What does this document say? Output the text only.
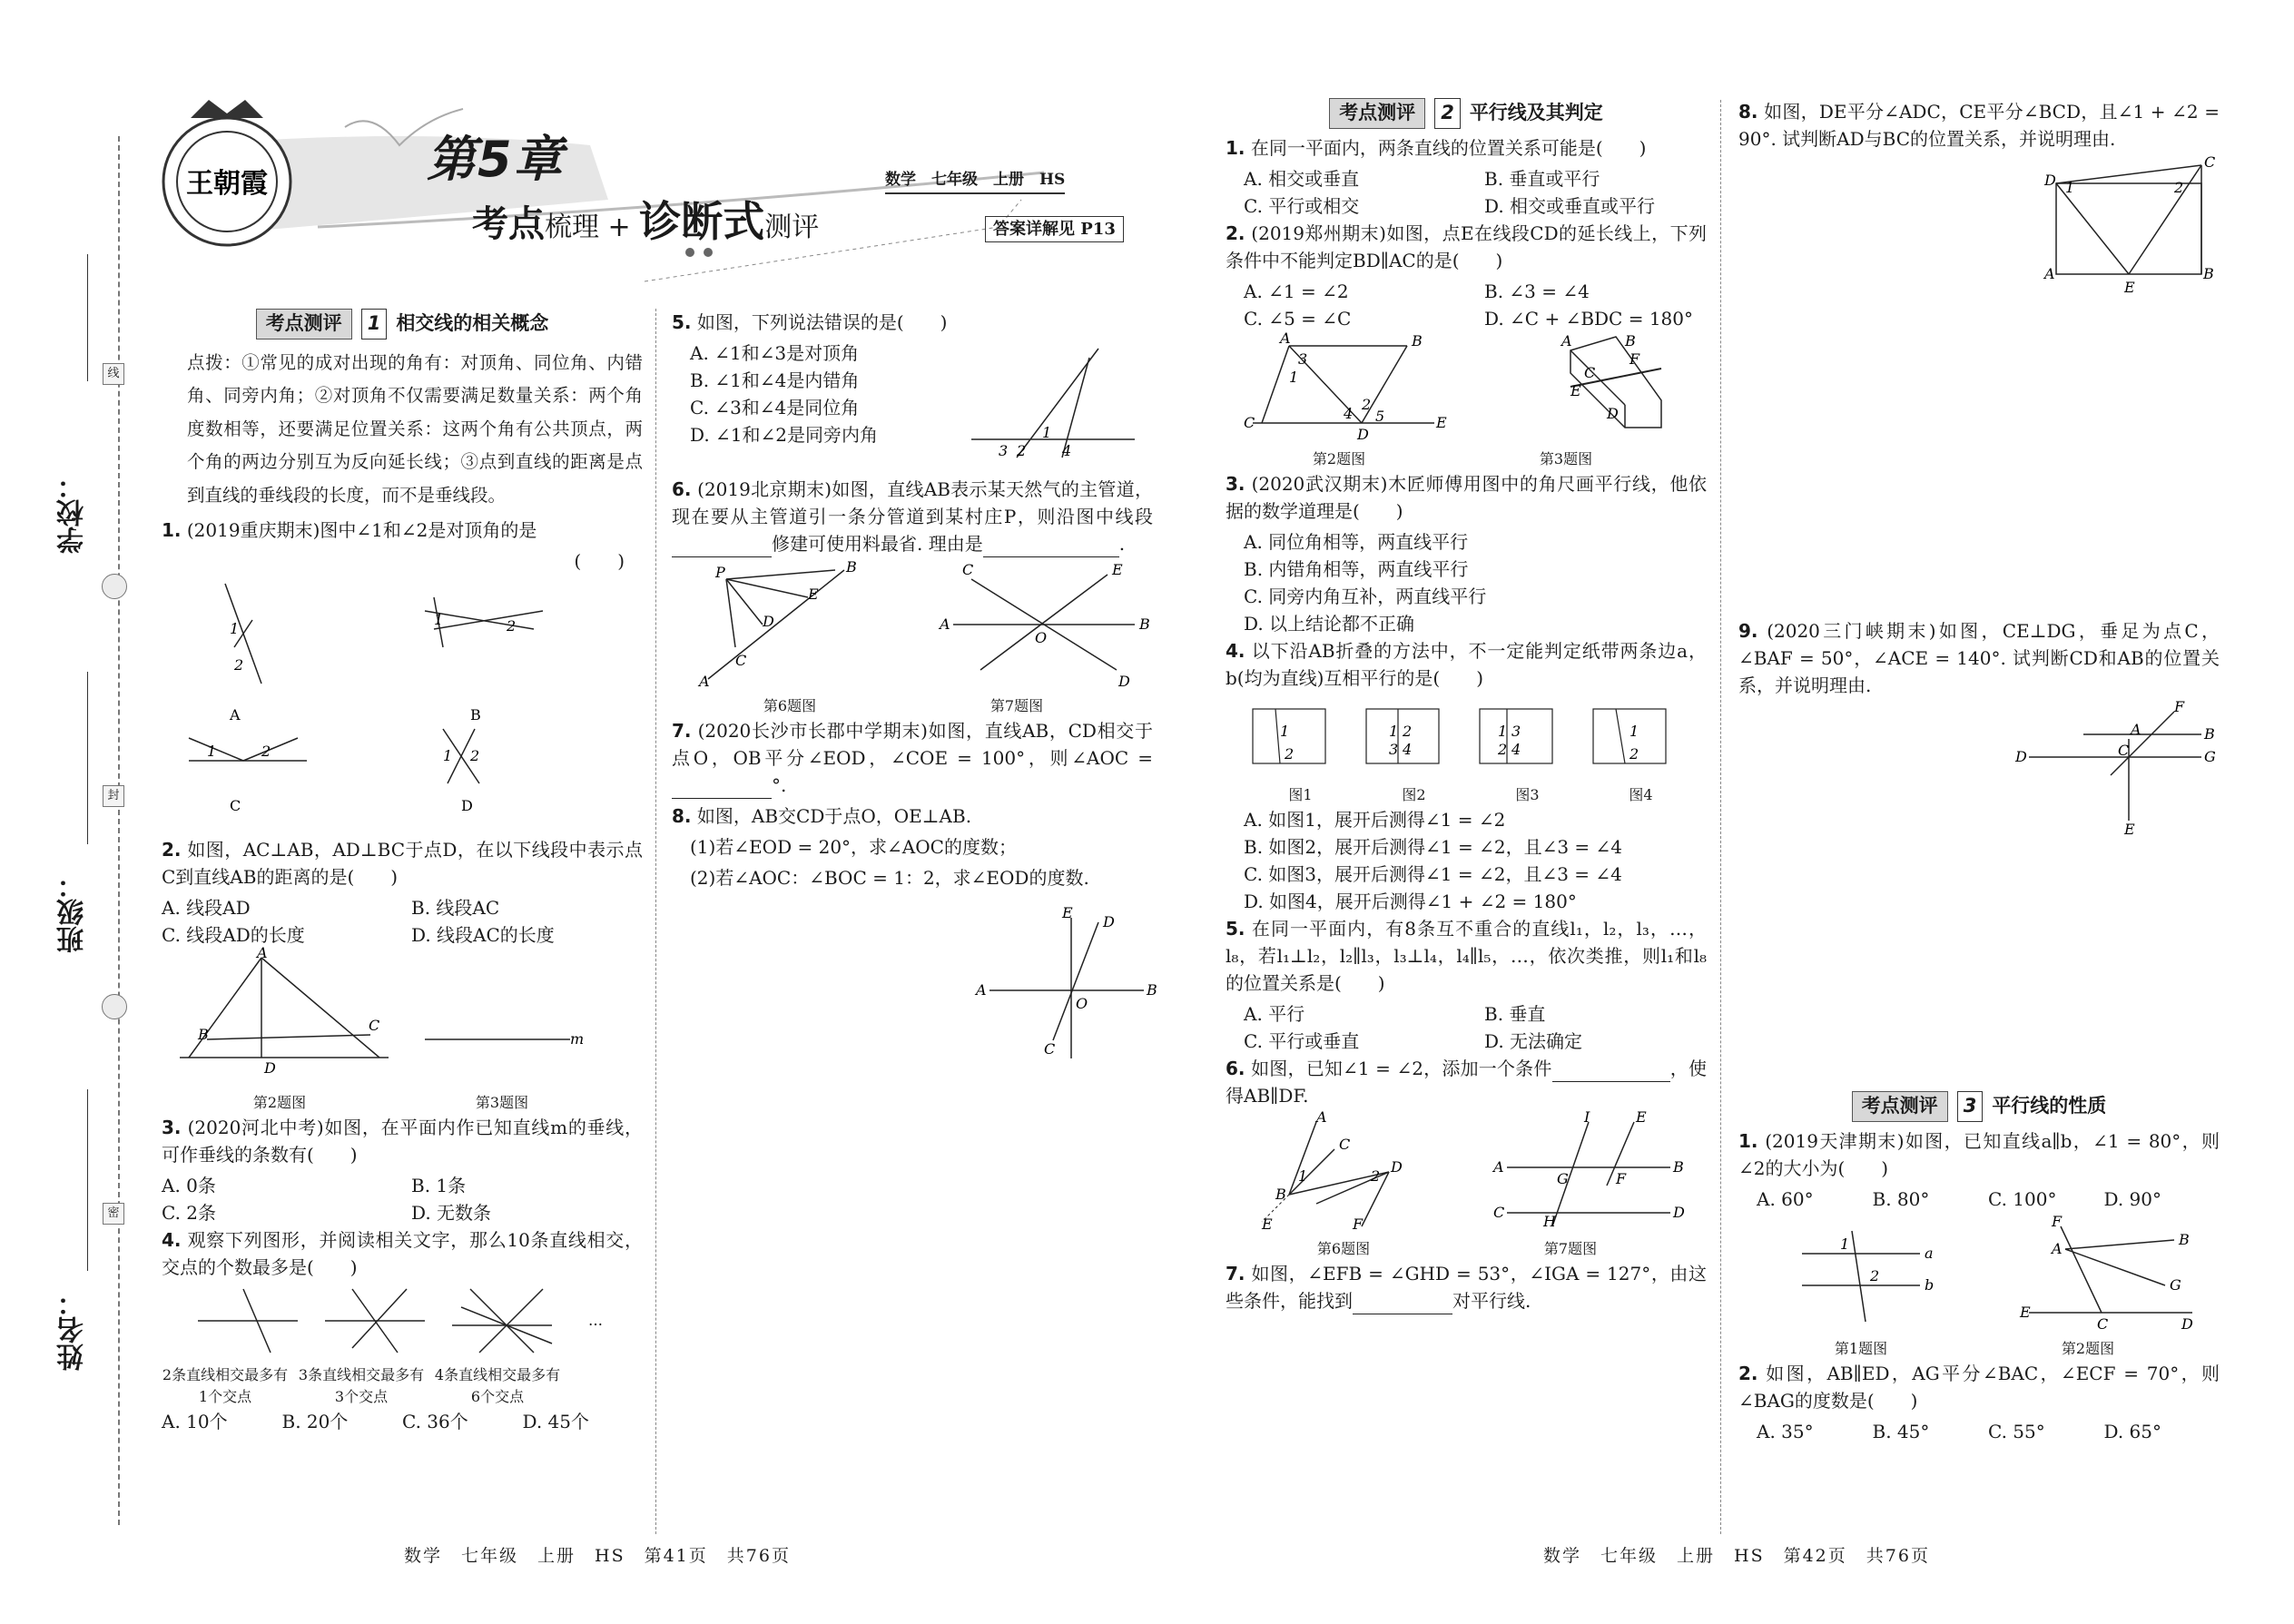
学校：
班级：
姓名：
线
封
密
王朝霞	第5章
考点梳理 + 诊断式测评
数学　七年级　上册　HS
答案详解见 P13
考点测评	1 相交线的相关概念

点拨：①常见的成对出现的角有：对顶角、同位角、内错角、同旁内角；②对顶角不仅需要满足数量关系：两个角度数相等，还要满足位置关系：这两个角有公共顶点，两个角的两边分别互为反向延长线；③点到直线的距离是点到直线的垂线段的长度，而不是垂线段。

1. (2019重庆期末)图中∠1和∠2是对顶角的是

(　　)
1
2
A
1	2
B
1	2
C
1 2
D

2. 如图，AC⊥AB，AD⊥BC于点D，在以下线段中表示点C到直线AB的距离的是(　　)

A. 线段AD	B. 线段AC
C. 线段AD的长度	D. 线段AC的长度
A
B
C
D
m
第2题图	第3题图

3. (2020河北中考)如图，在平面内作已知直线m的垂线，可作垂线的条数有(　　)

A. 0条	B. 1条
C. 2条	D. 无数条

4. 观察下列图形，并阅读相关文字，那么10条直线相交，交点的个数最多是(　　)

…
2条直线相交最多有1个交点
3条直线相交最多有3个交点
4条直线相交最多有6个交点
A. 10个	B. 20个	C. 36个	D. 45个

5. 如图，下列说法错误的是(　　)

A. ∠1和∠3是对顶角
B. ∠1和∠4是内错角
C. ∠3和∠4是同位角
D. ∠1和∠2是同旁内角	1
2
3	4

6. (2019北京期末)如图，直线AB表示某天然气的主管道，现在要从主管道引一条分管道到某村庄P，则沿图中线段修建可使用料最省. 理由是	.

P	B
E
D
C
A
A	B
C	E
D
O
第6题图	第7题图

7. (2020长沙市长郡中学期末)如图，直线AB，CD相交于点O，OB平分∠EOD，∠COE = 100°，则∠AOC =°.

8. 如图，AB交CD于点O，OE⊥AB.

(1)若∠EOD = 20°，求∠AOC的度数；

(2)若∠AOC：∠BOC = 1：2，求∠EOD的度数.

A	B
E
D
C
O
数学　七年级　上册　HS　第41页　共76页	数学　七年级　上册　HS　第42页　共76页
考点测评	2 平行线及其判定

1. 在同一平面内，两条直线的位置关系可能是(　　)

A. 相交或垂直	B. 垂直或平行
C. 平行或相交	D. 相交或垂直或平行

2. (2019郑州期末)如图，点E在线段CD的延长线上，下列条件中不能判定BD∥AC的是(　　)

A. ∠1 = ∠2	B. ∠3 = ∠4
C. ∠5 = ∠C	D. ∠C + ∠BDC = 180°
A	B
C
D
E
3
1
4
2
5
A	B
C
F
E
D
第2题图	第3题图

3. (2020武汉期末)木匠师傅用图中的角尺画平行线，他依据的数学道理是(　　)

A. 同位角相等，两直线平行
B. 内错角相等，两直线平行
C. 同旁内角互补，两直线平行
D. 以上结论都不正确

4. 以下沿AB折叠的方法中，不一定能判定纸带两条边a，b(均为直线)互相平行的是(　　)

1
2
1
3
2
4
1
2
3
4
1
2
图1	图2	图3	图4
A. 如图1，展开后测得∠1 = ∠2
B. 如图2，展开后测得∠1 = ∠2，且∠3 = ∠4
C. 如图3，展开后测得∠1 = ∠2，且∠3 = ∠4
D. 如图4，展开后测得∠1 + ∠2 = 180°

5. 在同一平面内，有8条互不重合的直线l₁，l₂，l₃，…，l₈，若l₁⊥l₂，l₂∥l₃，l₃⊥l₄，l₄∥l₅，…，依次类推，则l₁和l₈的位置关系是(　　)

A. 平行	B. 垂直
C. 平行或垂直	D. 无法确定

6. 如图，已知∠1 = ∠2，添加一个条件	，使得AB∥DF.

A
C
B
D
E	F
1	2
A	B
C	D
I	E
G	F
H
第6题图	第7题图

7. 如图，∠EFB = ∠GHD = 53°，∠IGA = 127°，由这些条件，能找到	对平行线.

8. 如图，DE平分∠ADC，CE平分∠BCD，且∠1 + ∠2 = 90°. 试判断AD与BC的位置关系，并说明理由.

D
C
A	B
E
1	2

9. (2020三门峡期末)如图，CE⊥DG，垂足为点C，∠BAF = 50°，∠ACE = 140°. 试判断CD和AB的位置关系，并说明理由.

D	G
B
F
A
C
E
考点测评	3 平行线的性质

1. (2019天津期末)如图，已知直线a∥b，∠1 = 80°，则∠2的大小为(　　)

A. 60°	B. 80°	C. 100°	D. 90°
a
b
1
2
F
B
A
G
E
C	D
第1题图	第2题图

2. 如图，AB∥ED，AG平分∠BAC，∠ECF = 70°，则∠BAG的度数是(　　)

A. 35°	B. 45°	C. 55°	D. 65°
